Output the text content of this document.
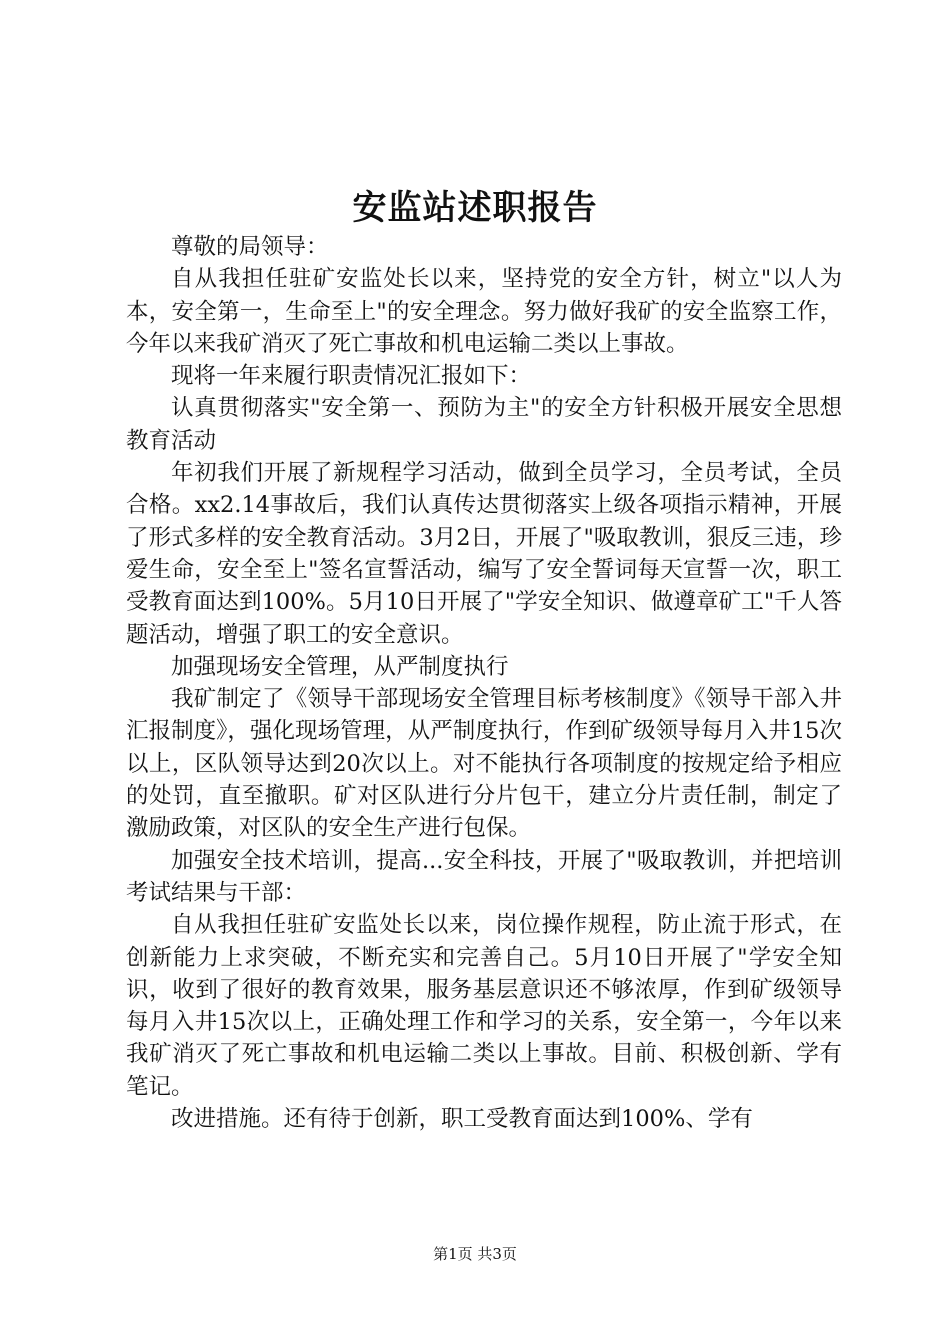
安监站述职报告

尊敬的局领导：

自从我担任驻矿安监处长以来，坚持党的安全方针，树立"以人为本，安全第一，生命至上"的安全理念。努力做好我矿的安全监察工作，今年以来我矿消灭了死亡事故和机电运输二类以上事故。

现将一年来履行职责情况汇报如下：

认真贯彻落实"安全第一、预防为主"的安全方针积极开展安全思想教育活动

年初我们开展了新规程学习活动，做到全员学习，全员考试，全员合格。xx2.14事故后，我们认真传达贯彻落实上级各项指示精神，开展了形式多样的安全教育活动。3月2日，开展了"吸取教训，狠反三违，珍爱生命，安全至上"签名宣誓活动，编写了安全誓词每天宣誓一次，职工受教育面达到100%。5月10日开展了"学安全知识、做遵章矿工"千人答题活动，增强了职工的安全意识。

加强现场安全管理，从严制度执行

我矿制定了《领导干部现场安全管理目标考核制度》《领导干部入井汇报制度》，强化现场管理，从严制度执行，作到矿级领导每月入井15次以上，区队领导达到20次以上。对不能执行各项制度的按规定给予相应的处罚，直至撤职。矿对区队进行分片包干，建立分片责任制，制定了激励政策，对区队的安全生产进行包保。

加强安全技术培训，提高...安全科技，开展了"吸取教训，并把培训考试结果与干部：

自从我担任驻矿安监处长以来，岗位操作规程，防止流于形式，在创新能力上求突破，不断充实和完善自己。5月10日开展了"学安全知识，收到了很好的教育效果，服务基层意识还不够浓厚，作到矿级领导每月入井15次以上，正确处理工作和学习的关系，安全第一，今年以来我矿消灭了死亡事故和机电运输二类以上事故。目前、积极创新、学有笔记。

改进措施。还有待于创新，职工受教育面达到100%、学有

第1页 共3页
